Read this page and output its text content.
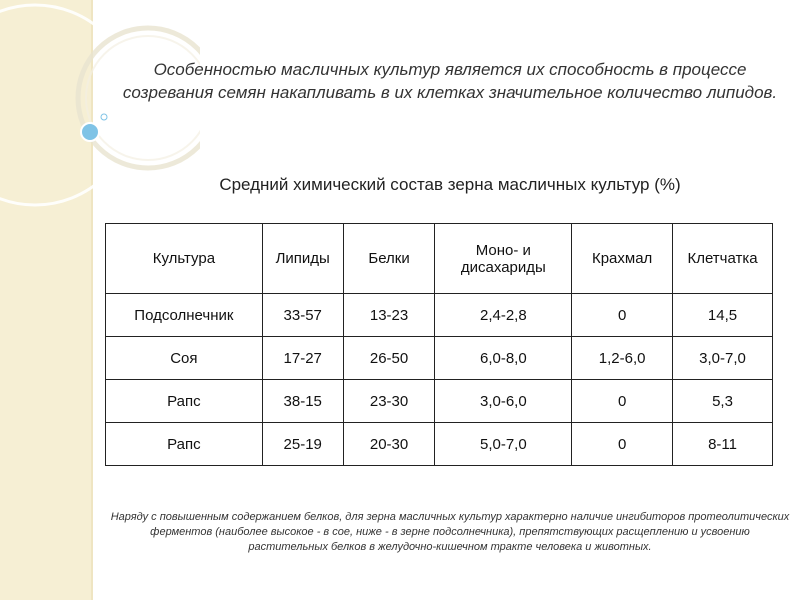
Особенностью масличных культур является их способность в процессе созревания семян накапливать в их клетках значительное количество липидов.
Средний химический состав зерна масличных культур (%)
Культура	Липиды	Белки	Моно- и дисахариды	Крахмал	Клетчатка
Подсолнечник	33-57	13-23	2,4-2,8	0	14,5
Соя	17-27	26-50	6,0-8,0	1,2-6,0	3,0-7,0
Рапс	38-15	23-30	3,0-6,0	0	5,3
Рапс	25-19	20-30	5,0-7,0	0	8-11
Наряду с повышенным содержанием белков, для зерна масличных культур характерно наличие ингибиторов протеолитических ферментов (наиболее высокое - в сое, ниже - в зерне подсолнечника), препятствующих расщеплению и усвоению растительных белков в желудочно-кишечном тракте человека и животных.
